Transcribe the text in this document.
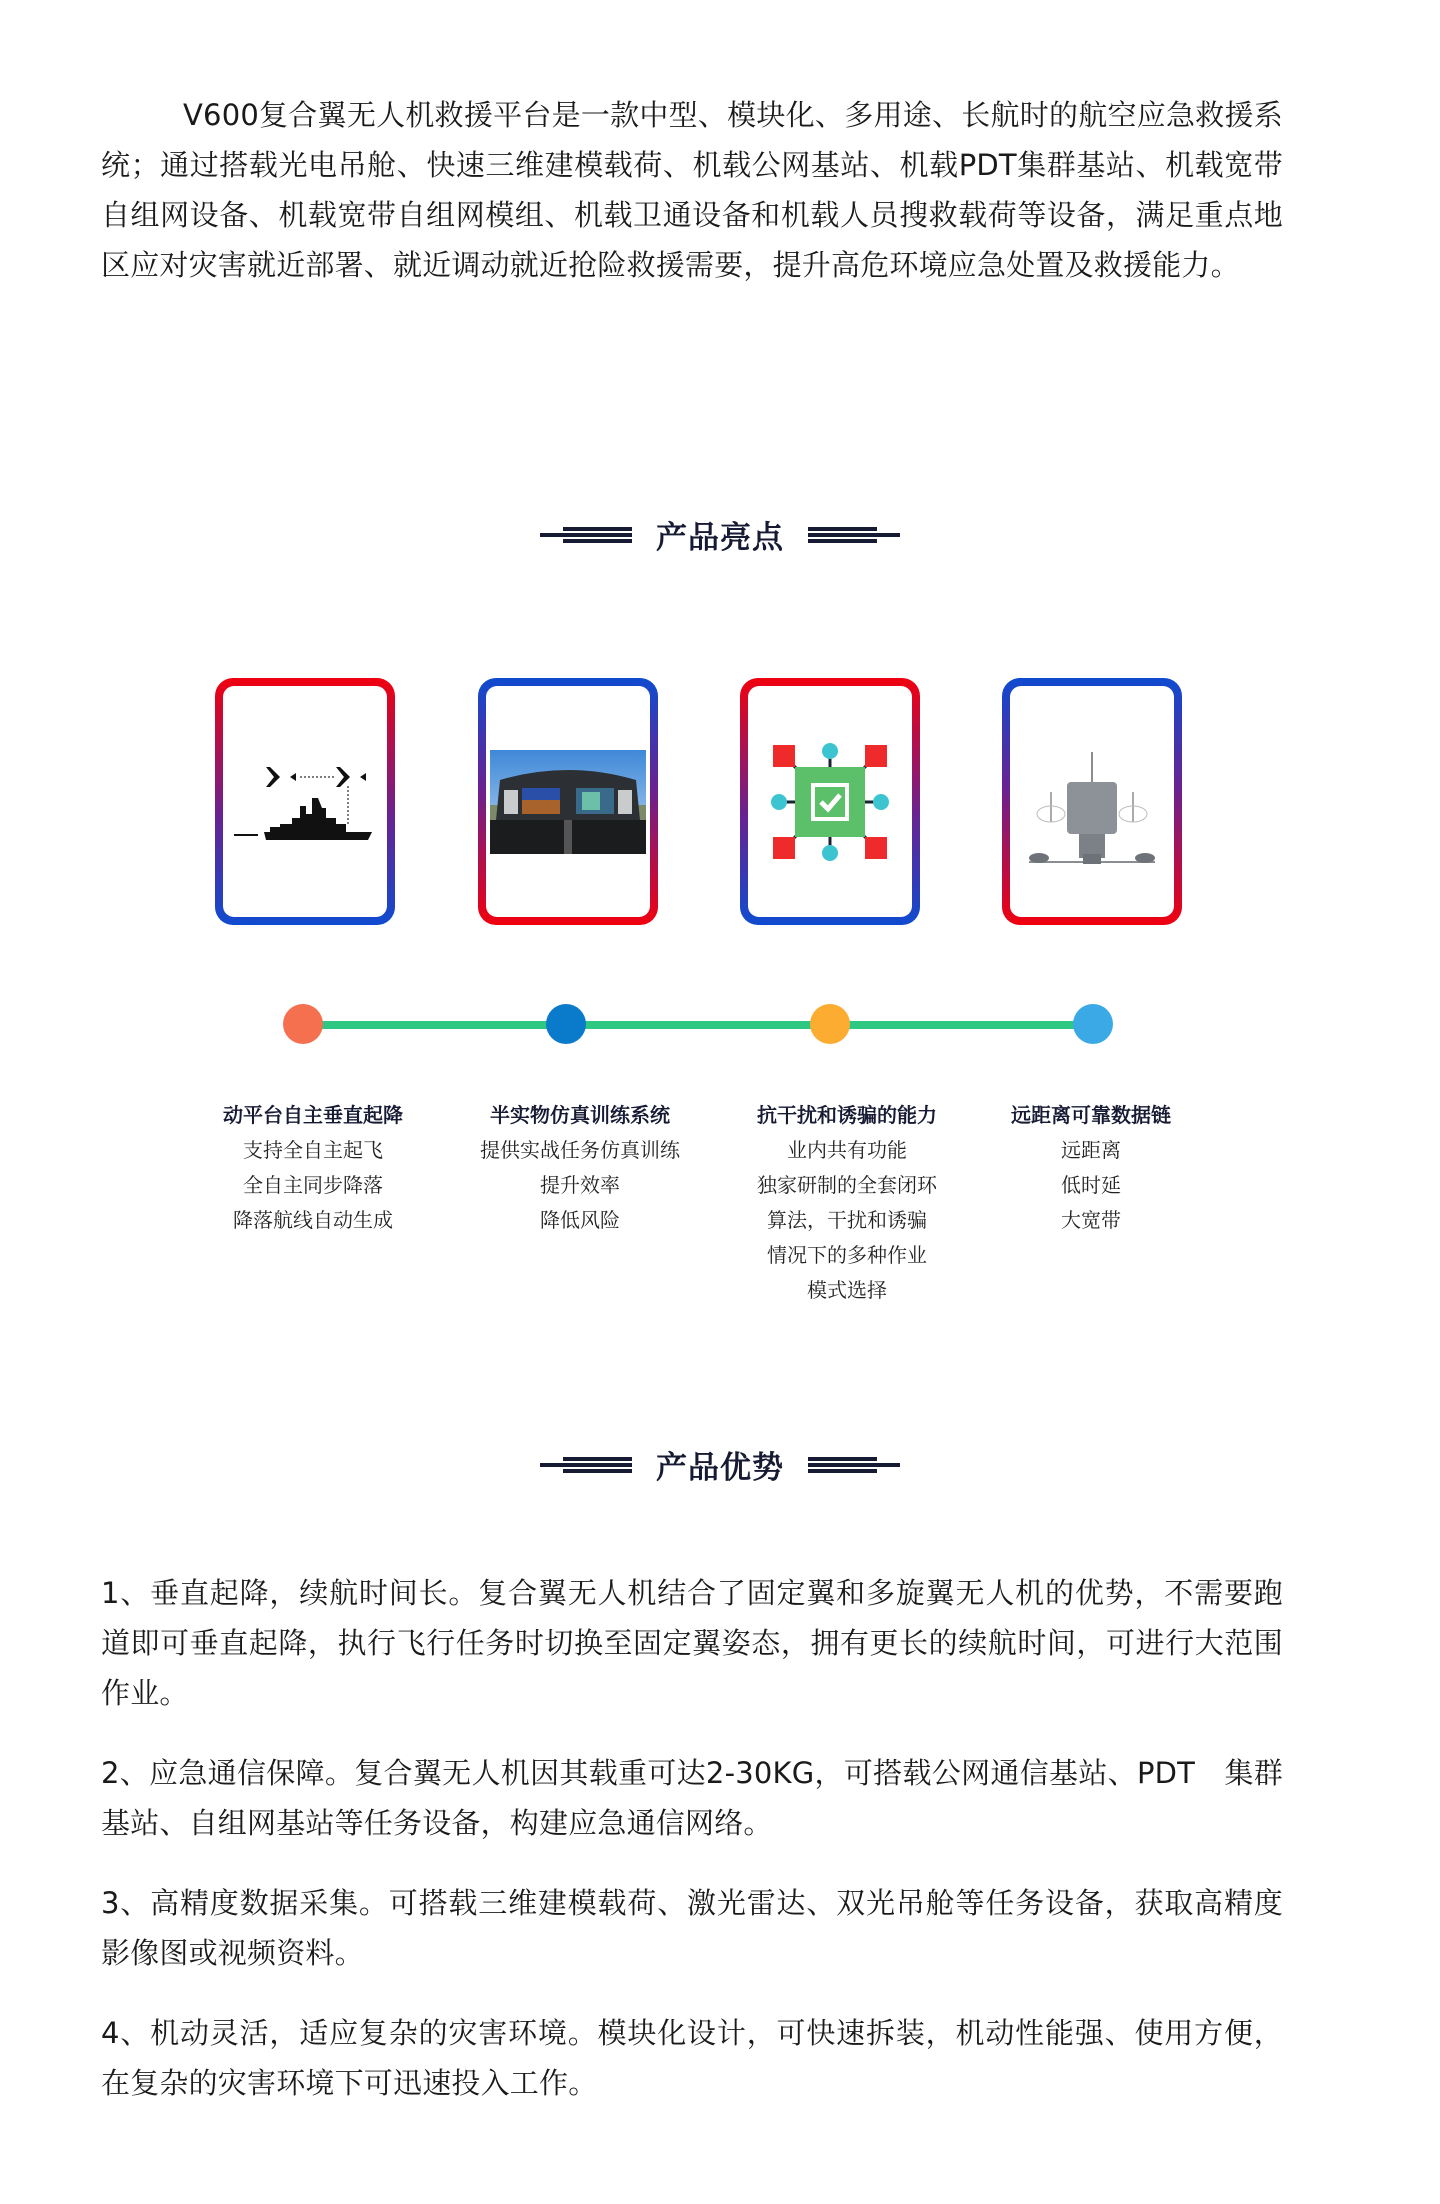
V600复合翼无人机救援平台是一款中型、模块化、多用途、长航时的航空应急救援系统；通过搭载光电吊舱、快速三维建模载荷、机载公网基站、机载PDT集群基站、机载宽带自组网设备、机载宽带自组网模组、机载卫通设备和机载人员搜救载荷等设备，满足重点地区应对灾害就近部署、就近调动就近抢险救援需要，提升高危环境应急处置及救援能力。

产品亮点
动平台自主垂直起降
支持全自主起飞
全自主同步降落
降落航线自动生成
半实物仿真训练系统
提供实战任务仿真训练
提升效率
降低风险
抗干扰和诱骗的能力
业内共有功能
独家研制的全套闭环
算法，干扰和诱骗
情况下的多种作业
模式选择
远距离可靠数据链
远距离
低时延
大宽带
产品优势

1、垂直起降，续航时间长。复合翼无人机结合了固定翼和多旋翼无人机的优势，不需要跑道即可垂直起降，执行飞行任务时切换至固定翼姿态，拥有更长的续航时间，可进行大范围作业。

2、应急通信保障。复合翼无人机因其载重可达2-30KG，可搭载公网通信基站、PDT　集群基站、自组网基站等任务设备，构建应急通信网络。

3、高精度数据采集。可搭载三维建模载荷、激光雷达、双光吊舱等任务设备，获取高精度影像图或视频资料。

4、机动灵活，适应复杂的灾害环境。模块化设计，可快速拆装，机动性能强、使用方便，在复杂的灾害环境下可迅速投入工作。
